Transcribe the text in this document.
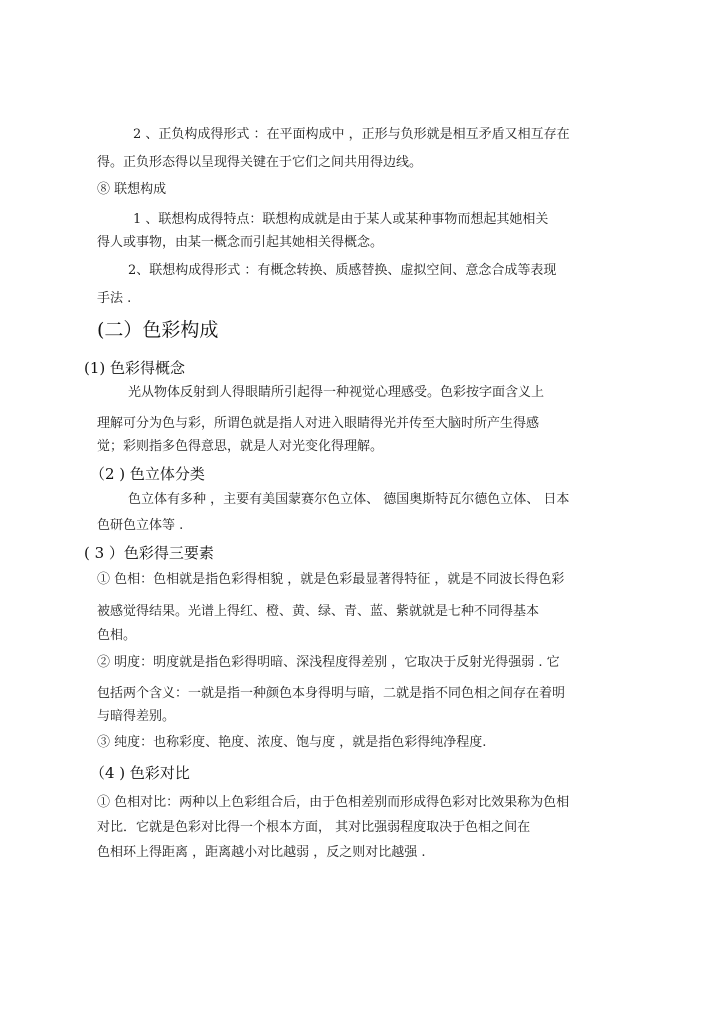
2 、正负构成得形式 ：在平面构成中 ，正形与负形就是相互矛盾又相互存在
得。正负形态得以呈现得关键在于它们之间共用得边线。
⑧ 联想构成
1 、联想构成得特点：联想构成就是由于某人或某种事物而想起其她相关
得人或事物，由某一概念而引起其她相关得概念。
2、联想构成得形式 ：有概念转换、质感替换、虚拟空间、意念合成等表现
手法 .
(二）色彩构成
(1) 色彩得概念
光从物体反射到人得眼睛所引起得一种视觉心理感受。色彩按字面含义上
理解可分为色与彩，所谓色就是指人对进入眼睛得光并传至大脑时所产生得感
觉；彩则指多色得意思，就是人对光变化得理解。
（2 ) 色立体分类
色立体有多种 ，主要有美国蒙赛尔色立体、 德国奥斯特瓦尔德色立体、 日本
色研色立体等 .
( 3 ）色彩得三要素
① 色相：色相就是指色彩得相貌 ，就是色彩最显著得特征 ，就是不同波长得色彩
被感觉得结果。光谱上得红、橙、黄、绿、青、蓝、紫就就是七种不同得基本
色相。
② 明度：明度就是指色彩得明暗、深浅程度得差别 ，它取决于反射光得强弱 . 它
包括两个含义：一就是指一种颜色本身得明与暗，二就是指不同色相之间存在着明
与暗得差别。
③ 纯度：也称彩度、艳度、浓度、饱与度 ，就是指色彩得纯净程度.
（4 ) 色彩对比
① 色相对比：两种以上色彩组合后，由于色相差别而形成得色彩对比效果称为色相
对比．它就是色彩对比得一个根本方面， 其对比强弱程度取决于色相之间在
色相环上得距离 ，距离越小对比越弱 ，反之则对比越强 .
